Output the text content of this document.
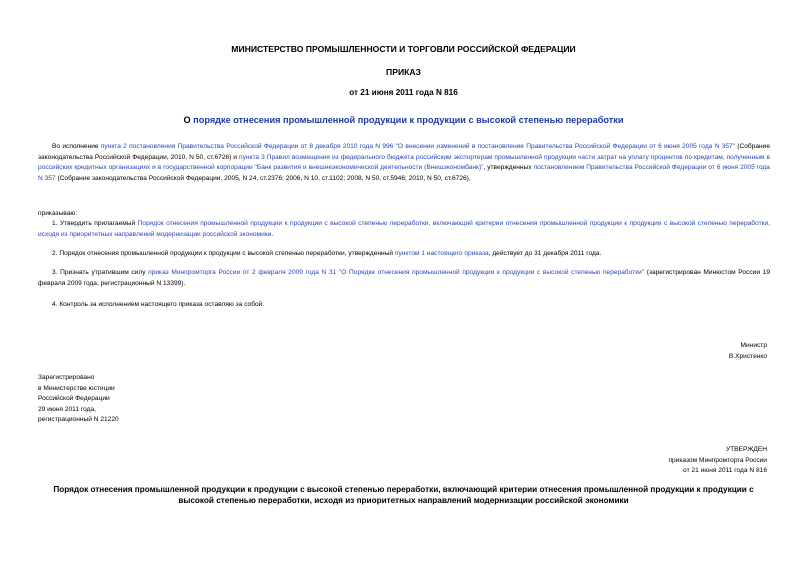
МИНИСТЕРСТВО ПРОМЫШЛЕННОСТИ И ТОРГОВЛИ РОССИЙСКОЙ ФЕДЕРАЦИИ
ПРИКАЗ
от 21 июня 2011 года N 816
О порядке отнесения промышленной продукции к продукции с высокой степенью переработки
Во исполнение пункта 2 постановления Правительства Российской Федерации от 8 декабря 2010 года N 996 "О внесении изменений в постановление Правительства Российской Федерации от 6 июня 2005 года N 357" (Собрание законодательства Российской Федерации, 2010, N 50, ст.6726) и пункта 3 Правил возмещения из федерального бюджета российским экспортерам промышленной продукции части затрат на уплату процентов по кредитам, полученным в российских кредитных организациях и в государственной корпорации "Банк развития и внешнеэкономической деятельности (Внешэкономбанк)", утвержденных постановлением Правительства Российской Федерации от 6 июня 2005 года N 357 (Собрание законодательства Российской Федерации, 2005, N 24, ст.2376; 2006, N 10, ст.1102; 2008, N 50, ст.5946; 2010, N 50, ст.6726),
приказываю:
1. Утвердить прилагаемый Порядок отнесения промышленной продукции к продукции с высокой степенью переработки, включающий критерии отнесения промышленной продукции к продукции с высокой степенью переработки, исходя из приоритетных направлений модернизации российской экономики.
2. Порядок отнесения промышленной продукции к продукции с высокой степенью переработки, утвержденный пунктом 1 настоящего приказа, действует до 31 декабря 2011 года.
3. Признать утратившим силу приказ Минпромторга России от 2 февраля 2009 года N 31 "О Порядке отнесения промышленной продукции к продукции с высокой степенью переработки" (зарегистрирован Минюстом России 19 февраля 2009 года, регистрационный N 13399).
4. Контроль за исполнением настоящего приказа оставляю за собой.
Министр
В.Христенко
Зарегистрировано
в Министерстве юстиции
Российской Федерации
29 июня 2011 года,
регистрационный N 21220
УТВЕРЖДЕН
приказом Минпромторга России
от 21 июня 2011 года N 816
Порядок отнесения промышленной продукции к продукции с высокой степенью переработки, включающий критерии отнесения промышленной продукции к продукции с высокой степенью переработки, исходя из приоритетных направлений модернизации российской экономики
